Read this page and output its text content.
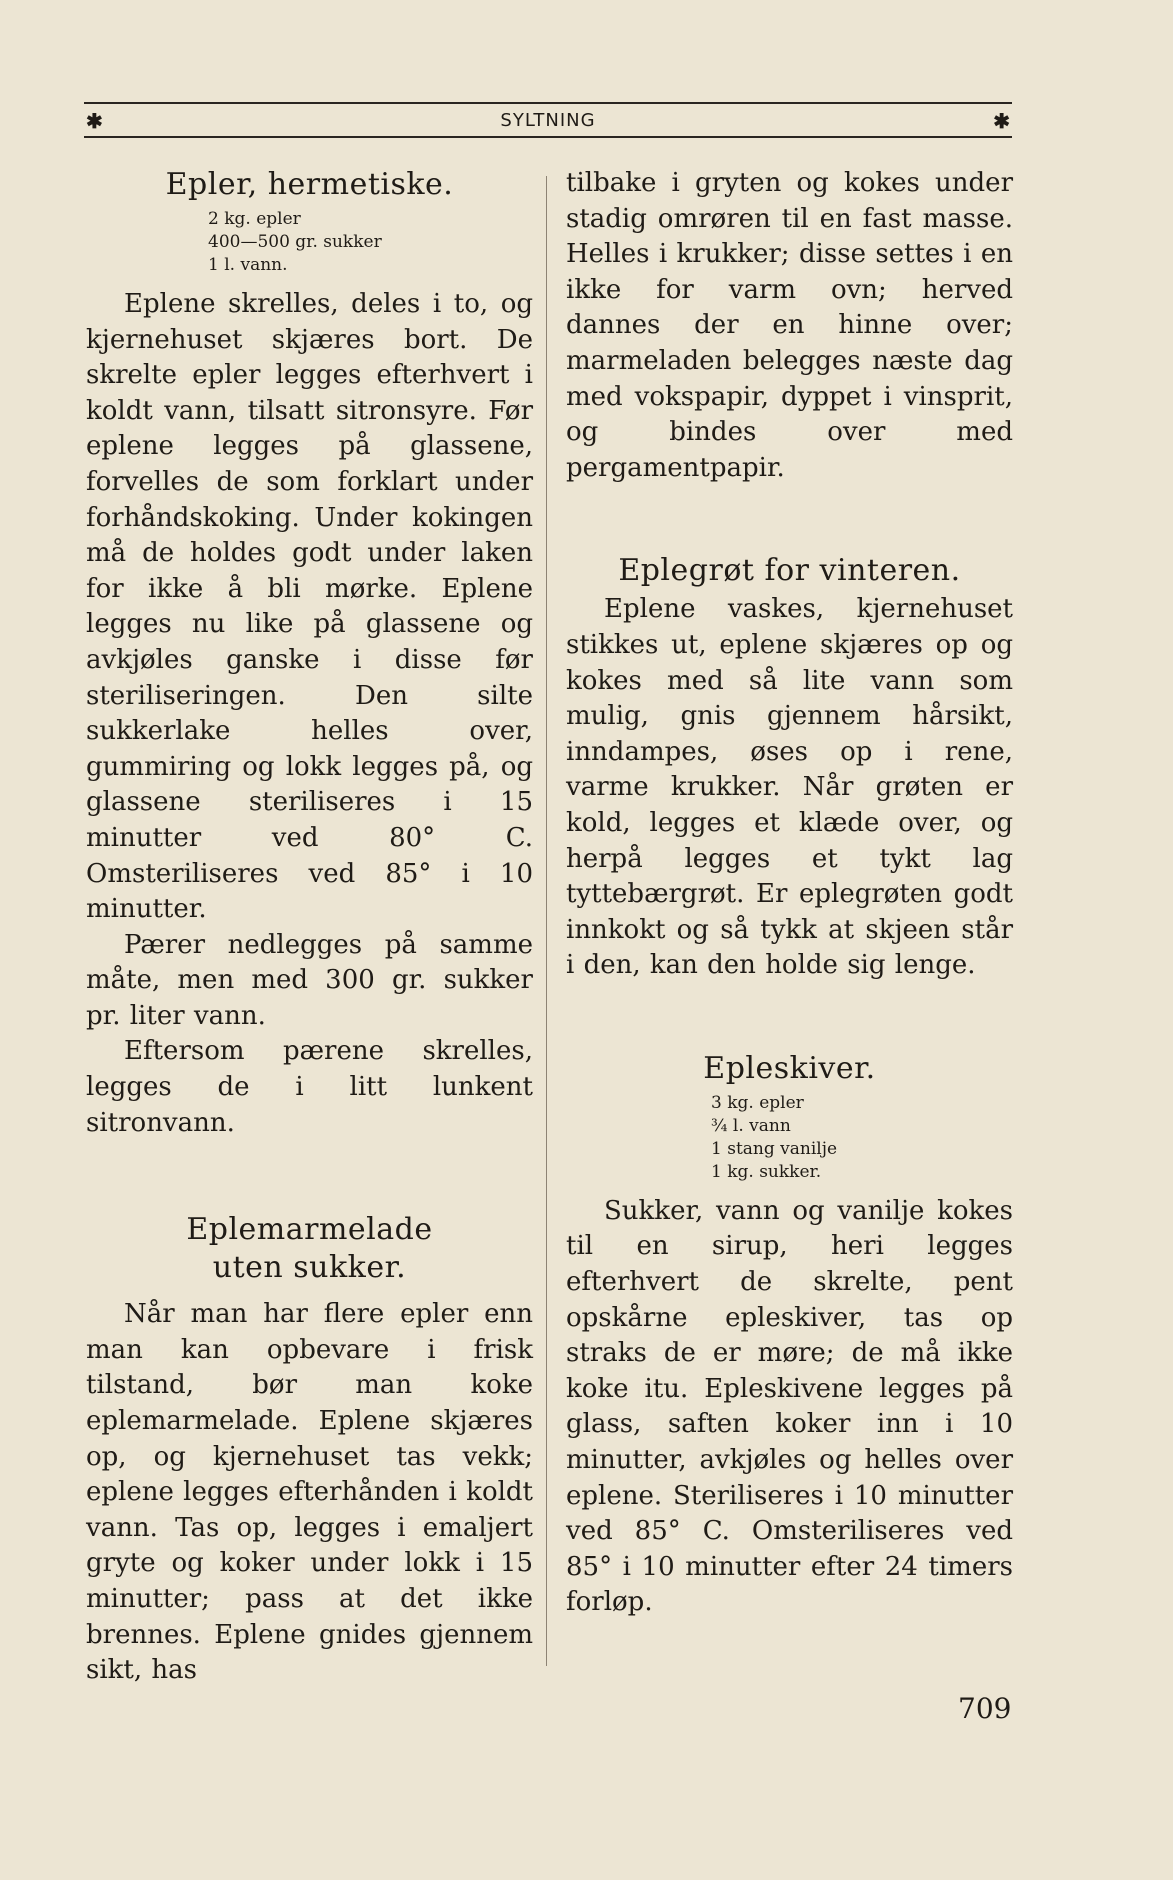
✱	SYLTNING	✱
Epler, hermetiske.
2 kg. epler
400—500 gr. sukker
1 l. vann.

Eplene skrelles, deles i to, og kjernehuset skjæres bort. De skrelte epler legges efterhvert i koldt vann, tilsatt sitronsyre. Før eplene legges på glassene, forvelles de som forklart under forhåndskoking. Under kokingen må de holdes godt under laken for ikke å bli mørke. Eplene legges nu like på glassene og avkjøles ganske i disse før steriliseringen. Den silte sukkerlake helles over, gummiring og lokk legges på, og glassene steriliseres i 15 minutter ved 80° C. Omsteriliseres ved 85° i 10 minutter.

Pærer nedlegges på samme måte, men med 300 gr. sukker pr. liter vann.

Eftersom pærene skrelles, legges de i litt lunkent sitronvann.

Eplemarmelade uten sukker.

Når man har flere epler enn man kan opbevare i frisk tilstand, bør man koke eplemarmelade. Eplene skjæres op, og kjernehuset tas vekk; eplene legges efterhånden i koldt vann. Tas op, legges i emaljert gryte og koker under lokk i 15 minutter; pass at det ikke brennes. Eplene gnides gjennem sikt, has

tilbake i gryten og kokes under stadig omrøren til en fast masse. Helles i krukker; disse settes i en ikke for varm ovn; herved dannes der en hinne over; marmeladen belegges næste dag med vokspapir, dyppet i vinsprit, og bindes over med pergamentpapir.

Eplegrøt for vinteren.

Eplene vaskes, kjernehuset stikkes ut, eplene skjæres op og kokes med så lite vann som mulig, gnis gjennem hårsikt, inndampes, øses op i rene, varme krukker. Når grøten er kold, legges et klæde over, og herpå legges et tykt lag tyttebærgrøt. Er eplegrøten godt innkokt og så tykk at skjeen står i den, kan den holde sig lenge.

Epleskiver.
3 kg. epler
¾ l. vann
1 stang vanilje
1 kg. sukker.

Sukker, vann og vanilje kokes til en sirup, heri legges efterhvert de skrelte, pent opskårne epleskiver, tas op straks de er møre; de må ikke koke itu. Epleskivene legges på glass, saften koker inn i 10 minutter, avkjøles og helles over eplene. Steriliseres i 10 minutter ved 85° C. Omsteriliseres ved 85° i 10 minutter efter 24 timers forløp.

709
